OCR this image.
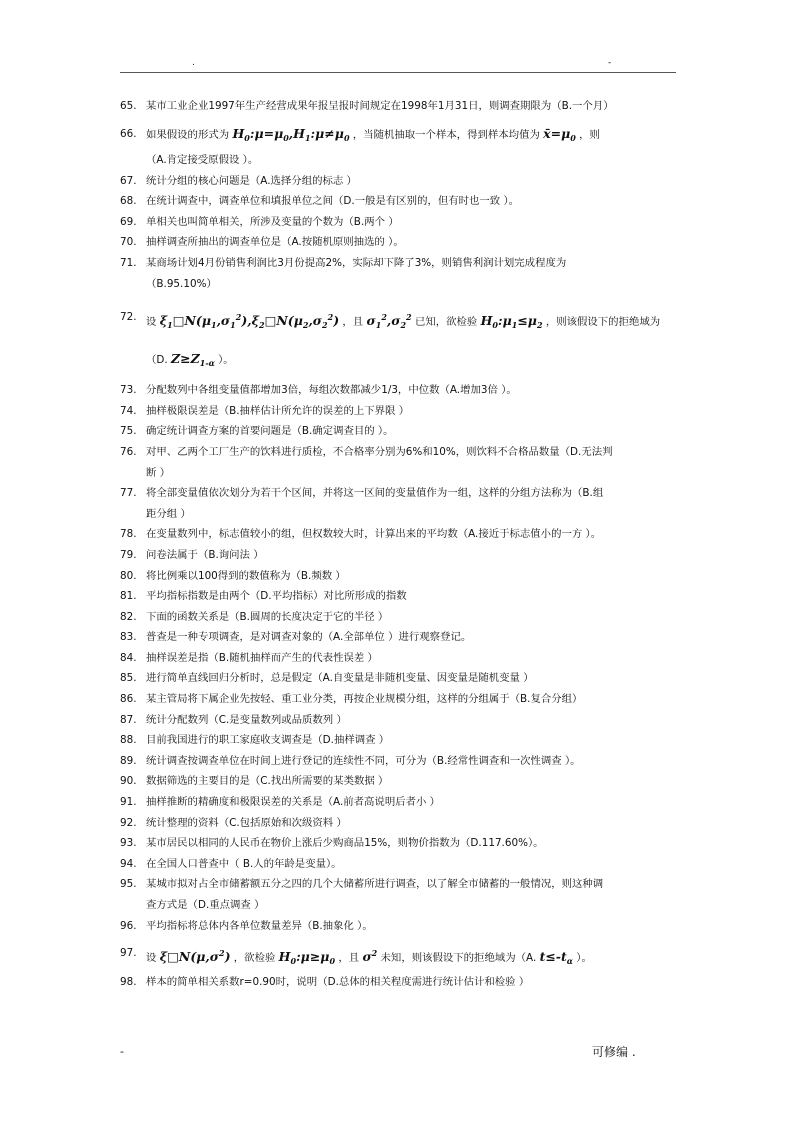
.	-
65. 某市工业企业1997年生产经营成果年报呈报时间规定在1998年1月31日，则调查期限为（B.一个月）
66. 如果假设的形式为 $H_0:\mu=\mu_0,H_1:\mu\ne\mu_0$ ，当随机抽取一个样本，得到样本均值为 $x̄=\mu_0$ ，则
（A.肯定接受原假设 ）。
67. 统计分组的核心问题是（A.选择分组的标志 ）
68. 在统计调查中，调查单位和填报单位之间（D.一般是有区别的，但有时也一致 ）。
69. 单相关也叫简单相关，所涉及变量的个数为（B.两个 ）
70. 抽样调查所抽出的调查单位是（A.按随机原则抽选的 ）。
71. 某商场计划4月份销售利润比3月份提高2%，实际却下降了3%，则销售利润计划完成程度为
（B.95.10%）
72. 设 $\xi_1□N(\mu_1,\sigma_1^2),\xi_2□N(\mu_2,\sigma_2^2)$ ，且 $\sigma_1^2,\sigma_2^2$ 已知，欲检验 $H_0:\mu_1\le\mu_2$ ，则该假设下的拒绝域为
（D. $Z\ge Z_{1-\alpha}$ ）。
73. 分配数列中各组变量值都增加3倍，每组次数都减少1/3，中位数（A.增加3倍 ）。
74. 抽样极限误差是（B.抽样估计所允许的误差的上下界限 ）
75. 确定统计调查方案的首要问题是（B.确定调查目的 ）。
76. 对甲、乙两个工厂生产的饮料进行质检，不合格率分别为6%和10%，则饮料不合格品数量（D.无法判
断 ）
77. 将全部变量值依次划分为若干个区间，并将这一区间的变量值作为一组，这样的分组方法称为（B.组
距分组 ）
78. 在变量数列中，标志值较小的组，但权数较大时，计算出来的平均数（A.接近于标志值小的一方 ）。
79. 问卷法属于（B.询问法 ）
80. 将比例乘以100得到的数值称为（B.频数 ）
81. 平均指标指数是由两个（D.平均指标）对比所形成的指数
82. 下面的函数关系是（B.圆周的长度决定于它的半径 ）
83. 普查是一种专项调查，是对调查对象的（A.全部单位 ）进行观察登记。
84. 抽样误差是指（B.随机抽样而产生的代表性误差 ）
85. 进行简单直线回归分析时，总是假定（A.自变量是非随机变量、因变量是随机变量 ）
86. 某主管局将下属企业先按轻、重工业分类，再按企业规模分组，这样的分组属于（B.复合分组）
87. 统计分配数列（C.是变量数列或品质数列 ）
88. 目前我国进行的职工家庭收支调查是（D.抽样调查 ）
89. 统计调查按调查单位在时间上进行登记的连续性不同，可分为（B.经常性调查和一次性调查 ）。
90. 数据筛选的主要目的是（C.找出所需要的某类数据 ）
91. 抽样推断的精确度和极限误差的关系是（A.前者高说明后者小 ）
92. 统计整理的资料（C.包括原始和次级资料 ）
93. 某市居民以相同的人民币在物价上涨后少购商品15%，则物价指数为（D.117.60%）。
94. 在全国人口普查中（ B.人的年龄是变量）。
95. 某城市拟对占全市储蓄额五分之四的几个大储蓄所进行调查，以了解全市储蓄的一般情况，则这种调
查方式是（D.重点调查 ）
96. 平均指标将总体内各单位数量差异（B.抽象化 ）。
97. 设 $\xi□N(\mu,\sigma^2)$ ，欲检验 $H_0:\mu\ge\mu_0$ ，且 $\sigma^2$ 未知，则该假设下的拒绝域为（A. $t\le-t_\alpha$ ）。
98. 样本的简单相关系数r=0.90时，说明（D.总体的相关程度需进行统计估计和检验 ）
-	可修编 .
